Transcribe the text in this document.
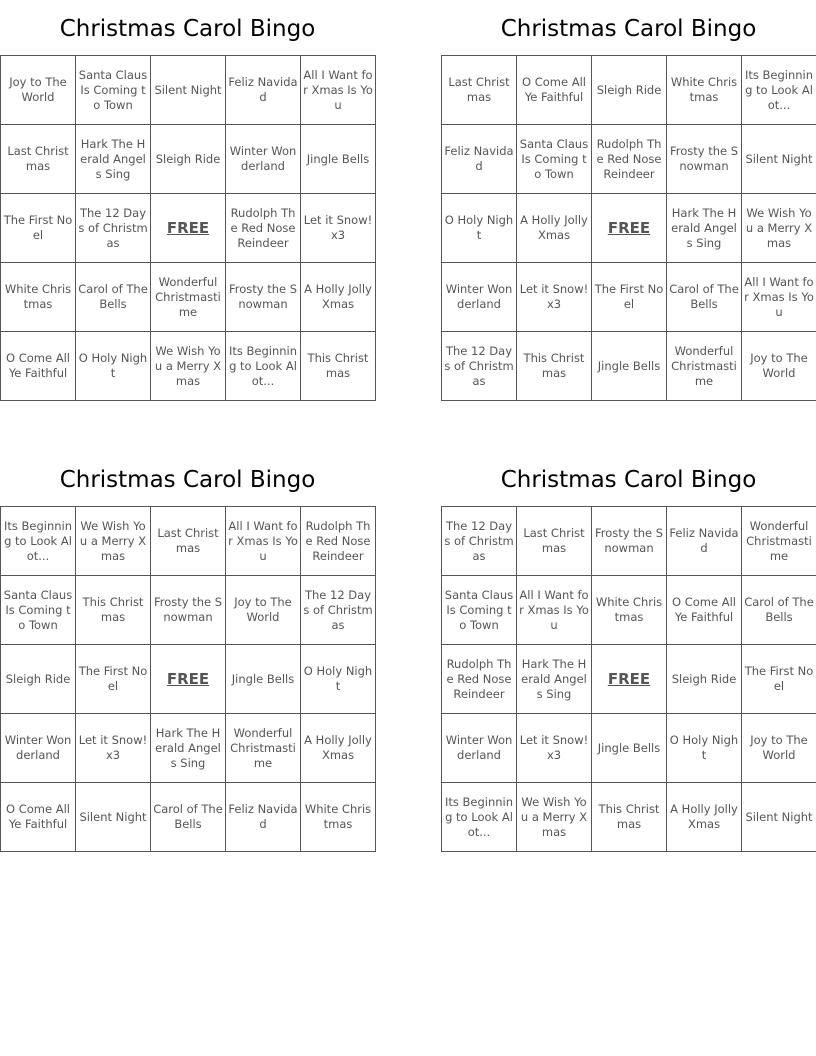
Christmas Carol Bingo
Joy to The World	Santa Claus Is Coming to Town	Silent Night	Feliz Navidad	All I Want for Xmas Is You
Last Christmas	Hark The Herald Angels Sing	Sleigh Ride	Winter Wonderland	Jingle Bells
The First Noel	The 12 Days of Christmas	FREE	Rudolph The Red Nose Reindeer	Let it Snow! x3
White Christmas	Carol of The Bells	Wonderful Christmastime	Frosty the Snowman	A Holly Jolly Xmas
O Come All Ye Faithful	O Holy Night	We Wish You a Merry Xmas	Its Beginning to Look Alot...	This Christmas
Christmas Carol Bingo
Last Christmas	O Come All Ye Faithful	Sleigh Ride	White Christmas	Its Beginning to Look Alot...
Feliz Navidad	Santa Claus Is Coming to Town	Rudolph The Red Nose Reindeer	Frosty the Snowman	Silent Night
O Holy Night	A Holly Jolly Xmas	FREE	Hark The Herald Angels Sing	We Wish You a Merry Xmas
Winter Wonderland	Let it Snow! x3	The First Noel	Carol of The Bells	All I Want for Xmas Is You
The 12 Days of Christmas	This Christmas	Jingle Bells	Wonderful Christmastime	Joy to The World
Christmas Carol Bingo
Its Beginning to Look Alot...	We Wish You a Merry Xmas	Last Christmas	All I Want for Xmas Is You	Rudolph The Red Nose Reindeer
Santa Claus Is Coming to Town	This Christmas	Frosty the Snowman	Joy to The World	The 12 Days of Christmas
Sleigh Ride	The First Noel	FREE	Jingle Bells	O Holy Night
Winter Wonderland	Let it Snow! x3	Hark The Herald Angels Sing	Wonderful Christmastime	A Holly Jolly Xmas
O Come All Ye Faithful	Silent Night	Carol of The Bells	Feliz Navidad	White Christmas
Christmas Carol Bingo
The 12 Days of Christmas	Last Christmas	Frosty the Snowman	Feliz Navidad	Wonderful Christmastime
Santa Claus Is Coming to Town	All I Want for Xmas Is You	White Christmas	O Come All Ye Faithful	Carol of The Bells
Rudolph The Red Nose Reindeer	Hark The Herald Angels Sing	FREE	Sleigh Ride	The First Noel
Winter Wonderland	Let it Snow! x3	Jingle Bells	O Holy Night	Joy to The World
Its Beginning to Look Alot...	We Wish You a Merry Xmas	This Christmas	A Holly Jolly Xmas	Silent Night
